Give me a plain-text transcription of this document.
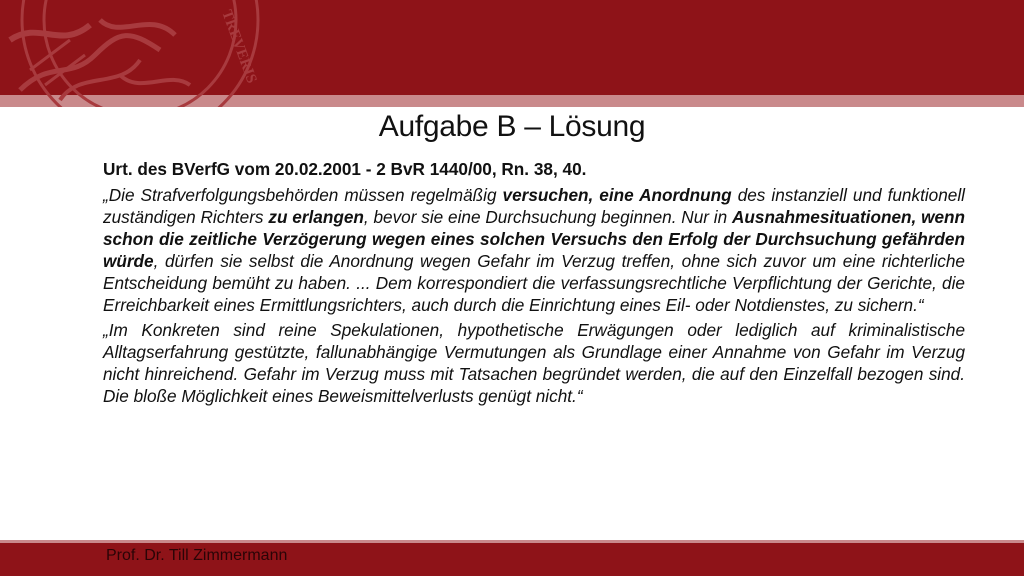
TREVERIS
Aufgabe B – Lösung

Urt. des BVerfG vom 20.02.2001 - 2 BvR 1440/00, Rn. 38, 40.

„Die Strafverfolgungsbehörden müssen regelmäßig versuchen, eine Anordnung des instanziell und funktionell zuständigen Richters zu erlangen, bevor sie eine Durchsuchung beginnen. Nur in Ausnahmesituationen, wenn schon die zeitliche Verzögerung wegen eines solchen Versuchs den Erfolg der Durchsuchung gefährden würde, dürfen sie selbst die Anordnung wegen Gefahr im Verzug treffen, ohne sich zuvor um eine richterliche Entscheidung bemüht zu haben. ... Dem korrespondiert die verfassungsrechtliche Verpflichtung der Gerichte, die Erreichbarkeit eines Ermittlungsrichters, auch durch die Einrichtung eines Eil- oder Notdienstes, zu sichern.“

„Im Konkreten sind reine Spekulationen, hypothetische Erwägungen oder lediglich auf kriminalistische Alltagserfahrung gestützte, fallunabhängige Vermutungen als Grundlage einer Annahme von Gefahr im Verzug nicht hinreichend. Gefahr im Verzug muss mit Tatsachen begründet werden, die auf den Einzelfall bezogen sind. Die bloße Möglichkeit eines Beweismittelverlusts genügt nicht.“

Prof. Dr. Till Zimmermann
